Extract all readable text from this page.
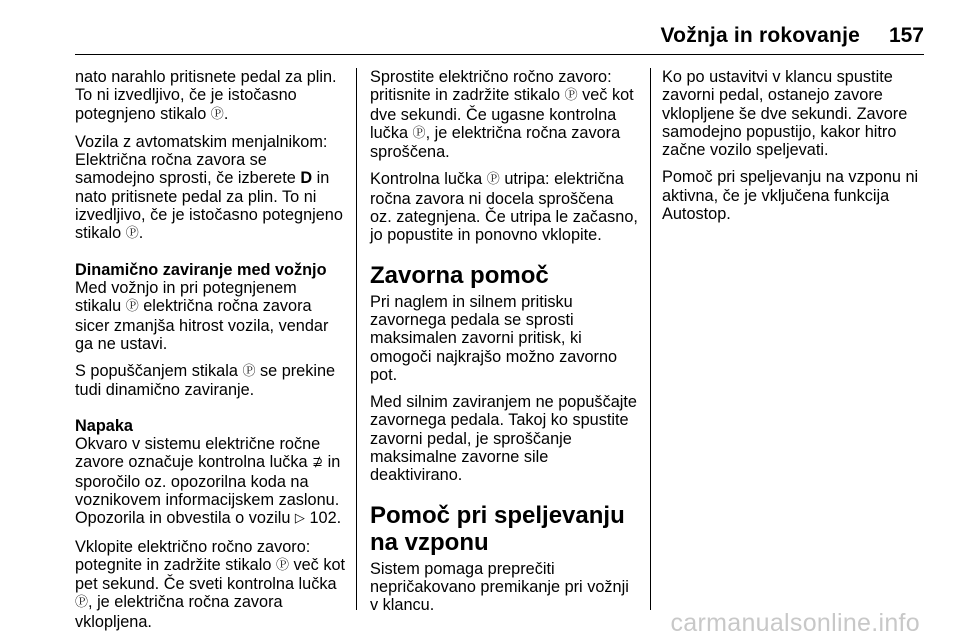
Vožnja in rokovanje 157

nato narahlo pritisnete pedal za plin. To ni izvedljivo, če je istočasno potegnjeno stikalo Ⓟ.

Vozila z avtomatskim menjalnikom: Električna ročna zavora se samodejno sprosti, če izberete D in nato pritisnete pedal za plin. To ni izvedljivo, če je istočasno potegnjeno stikalo Ⓟ.

Dinamično zaviranje med vožnjo

Med vožnjo in pri potegnjenem stikalu Ⓟ električna ročna zavora sicer zmanjša hitrost vozila, vendar ga ne ustavi.

S popuščanjem stikala Ⓟ se prekine tudi dinamično zaviranje.

Napaka

Okvaro v sistemu električne ročne zavore označuje kontrolna lučka ⊉ in sporočilo oz. opozorilna koda na voznikovem informacijskem zaslonu. Opozorila in obvestila o vozilu ▷ 102.

Vklopite električno ročno zavoro: potegnite in zadržite stikalo Ⓟ več kot pet sekund. Če sveti kontrolna lučka Ⓟ, je električna ročna zavora vklopljena.

Sprostite električno ročno zavoro: pritisnite in zadržite stikalo Ⓟ več kot dve sekundi. Če ugasne kontrolna lučka Ⓟ, je električna ročna zavora sproščena.

Kontrolna lučka Ⓟ utripa: električna ročna zavora ni docela sproščena oz. zategnjena. Če utripa le začasno, jo popustite in ponovno vklopite.

Zavorna pomoč

Pri naglem in silnem pritisku zavornega pedala se sprosti maksimalen zavorni pritisk, ki omogoči najkrajšo možno zavorno pot.

Med silnim zaviranjem ne popuščajte zavornega pedala. Takoj ko spustite zavorni pedal, je sproščanje maksimalne zavorne sile deaktivirano.

Pomoč pri speljevanju na vzponu

Sistem pomaga preprečiti nepričakovano premikanje pri vožnji v klancu.

Ko po ustavitvi v klancu spustite zavorni pedal, ostanejo zavore vklopljene še dve sekundi. Zavore samodejno popustijo, kakor hitro začne vozilo speljevati.

Pomoč pri speljevanju na vzponu ni aktivna, če je vključena funkcija Autostop.

carmanualsonline.info
